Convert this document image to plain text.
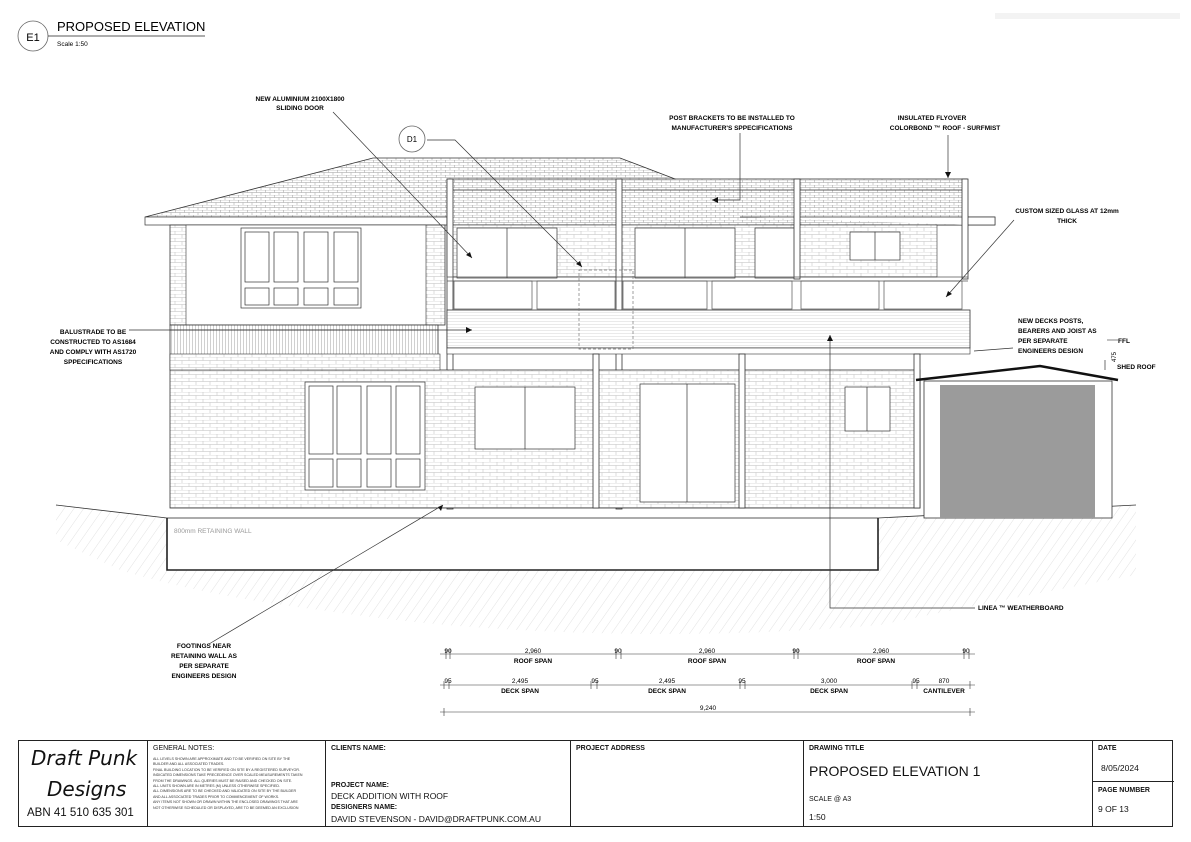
E1
PROPOSED ELEVATION
Scale 1:50
800mm RETAINING WALL
D1
NEW ALUMINIUM 2100X1800 SLIDING DOOR
POST BRACKETS TO BE INSTALLED TO MANUFACTURER'S SPPECIFICATIONS
INSULATED FLYOVER COLORBOND ™ ROOF - SURFMIST
CUSTOM SIZED GLASS AT 12mm THICK
BALUSTRADE TO BE CONSTRUCTED TO AS1684 AND COMPLY WITH AS1720 SPPECIFICATIONS
NEW DECKS POSTS, BEARERS AND JOIST AS PER SEPARATE ENGINEERS DESIGN
FFL
SHED ROOF
LINEA ™ WEATHERBOARD
FOOTINGS NEAR RETAINING WALL AS PER SEPARATE ENGINEERS DESIGN
475
90	90	90	90
2,960
ROOF SPAN
2,960
ROOF SPAN
2,960
ROOF SPAN
95	95	95	95
2,495
DECK SPAN
2,495
DECK SPAN
3,000
DECK SPAN
870
CANTILEVER
9,240
Draft Punk
Designs
ABN 41 510 635 301
GENERAL NOTES:

ALL LEVELS SHOWN ARE APPROXIMATE AND TO BE VERIFIED ON SITE BY THE

BUILDER AND ALL ASSOCIATED TRADES.

FINAL BUILDING LOCATION TO BE VERIFIED ON SITE BY A REGISTERED SURVEYOR.

INDICATED DIMENSIONS TAKE PRECEDENCE OVER SCALED MEASUREMENTS TAKEN

FROM THE DRAWINGS. ALL QUERIES MUST BE RAISED AND CHECKED ON SITE.

ALL UNITS SHOWN ARE IN METRES (M) UNLESS OTHERWISE SPECIFIED.

ALL DIMENSIONS ARE TO BE CHECKED AND VALIDATED ON SITE BY THE BUILDER

AND ALL ASSOCIATED TRADES PRIOR TO COMMENCEMENT OF WORKS.

ANY ITEMS NOT SHOWN OR DRAWN WITHIN THE ENCLOSED DRAWINGS THAT ARE

NOT OTHERWISE SCHEDULED OR DISPLAYED, ARE TO BE DEEMED AN EXCLUSION

CLIENTS NAME:
PROJECT NAME:
DECK ADDITION WITH ROOF
DESIGNERS NAME:
DAVID STEVENSON - DAVID@DRAFTPUNK.COM.AU
PROJECT ADDRESS	DRAWING TITLE
PROPOSED ELEVATION 1
SCALE @ A3
1:50
DATE
8/05/2024
PAGE NUMBER
9 OF 13
